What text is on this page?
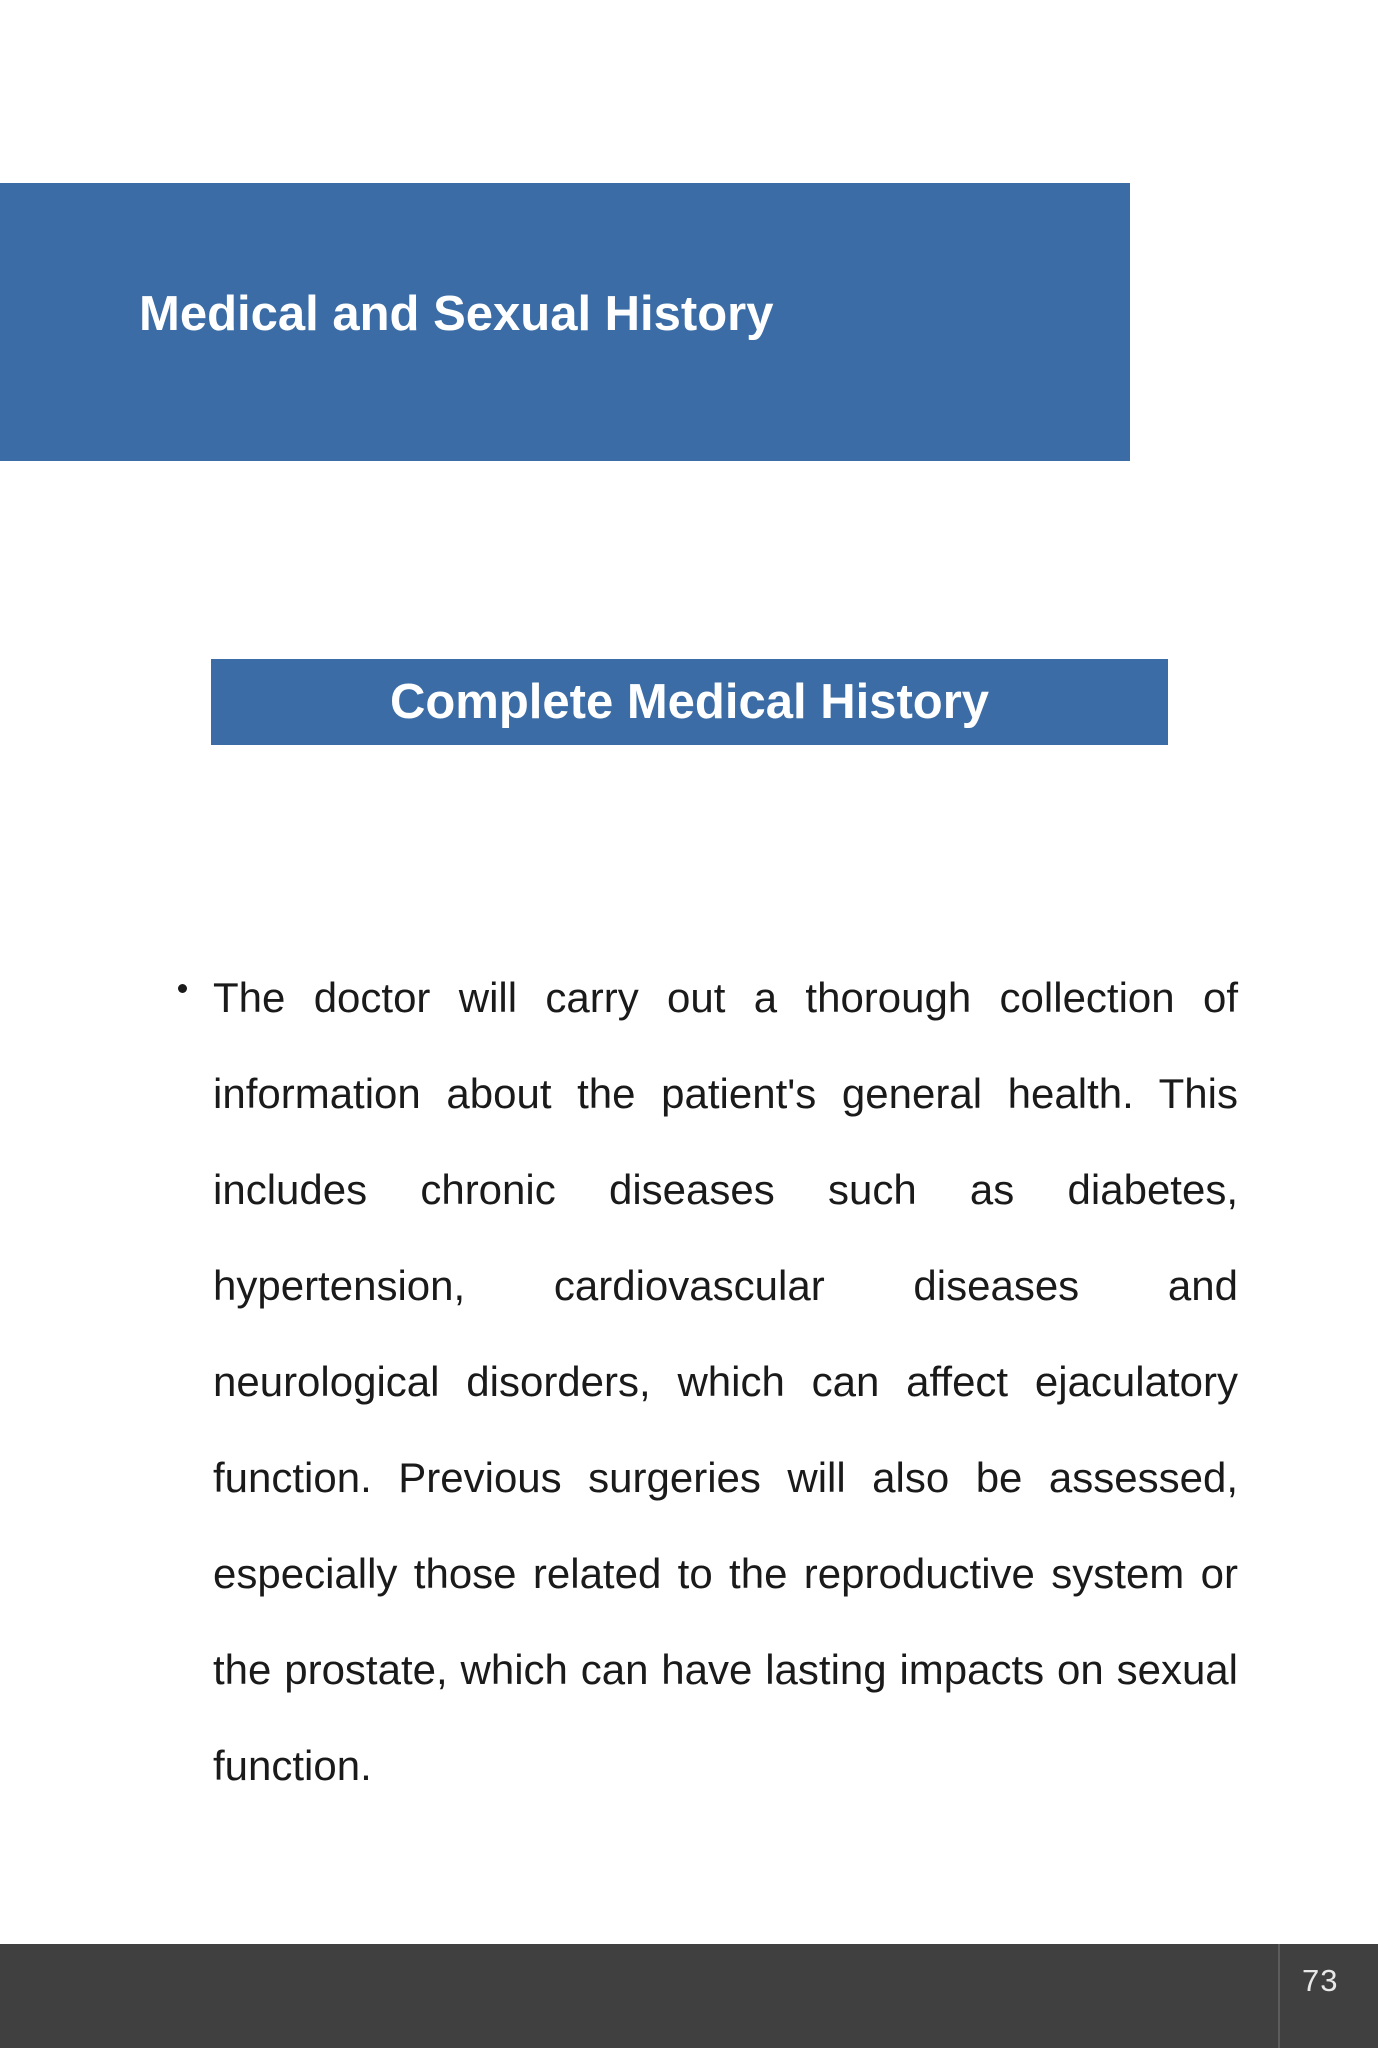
Medical and Sexual History
Complete Medical History

The doctor will carry out a thorough collection of information about the patient's general health. This includes chronic diseases such as diabetes, hypertension, cardiovascular diseases and neurological disorders, which can affect ejaculatory function. Previous surgeries will also be assessed, especially those related to the reproductive system or the prostate, which can have lasting impacts on sexual function.

73
